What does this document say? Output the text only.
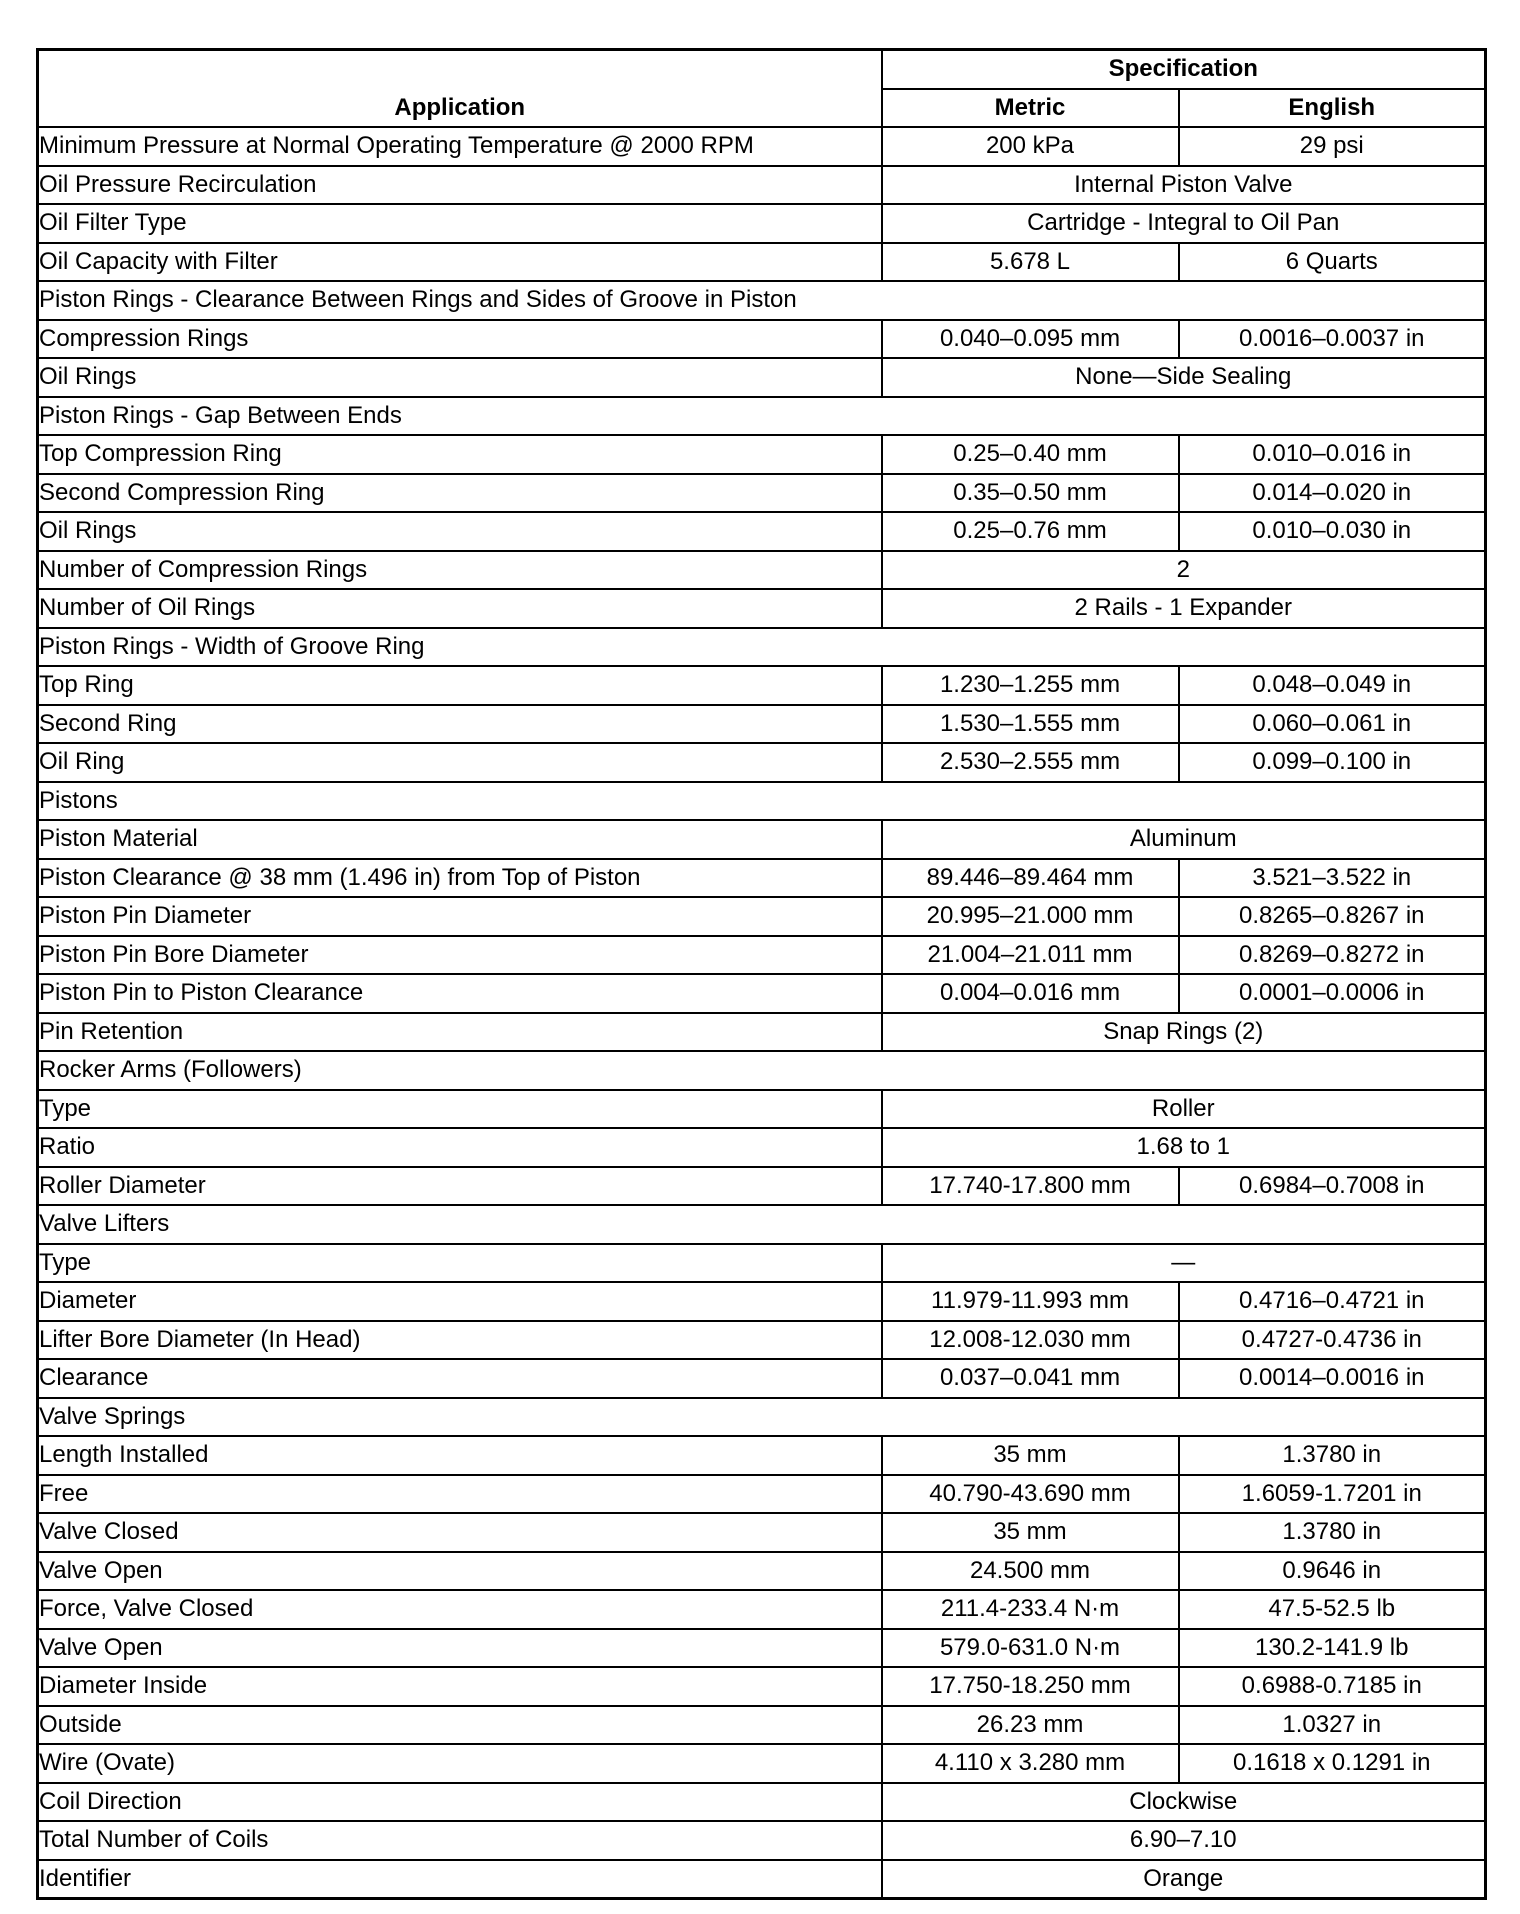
Application	Specification	
	Metric	English
Minimum Pressure at Normal Operating Temperature @ 2000 RPM	200 kPa	29 psi
Oil Pressure Recirculation	Internal Piston Valve	
Oil Filter Type	Cartridge - Integral to Oil Pan	
Oil Capacity with Filter	5.678 L	6 Quarts
Piston Rings - Clearance Between Rings and Sides of Groove in Piston		
Compression Rings	0.040–0.095 mm	0.0016–0.0037 in
Oil Rings	None—Side Sealing	
Piston Rings - Gap Between Ends		
Top Compression Ring	0.25–0.40 mm	0.010–0.016 in
Second Compression Ring	0.35–0.50 mm	0.014–0.020 in
Oil Rings	0.25–0.76 mm	0.010–0.030 in
Number of Compression Rings	2	
Number of Oil Rings	2 Rails - 1 Expander	
Piston Rings - Width of Groove Ring		
Top Ring	1.230–1.255 mm	0.048–0.049 in
Second Ring	1.530–1.555 mm	0.060–0.061 in
Oil Ring	2.530–2.555 mm	0.099–0.100 in
Pistons		
Piston Material	Aluminum	
Piston Clearance @ 38 mm (1.496 in) from Top of Piston	89.446–89.464 mm	3.521–3.522 in
Piston Pin Diameter	20.995–21.000 mm	0.8265–0.8267 in
Piston Pin Bore Diameter	21.004–21.011 mm	0.8269–0.8272 in
Piston Pin to Piston Clearance	0.004–0.016 mm	0.0001–0.0006 in
Pin Retention	Snap Rings (2)	
Rocker Arms (Followers)		
Type	Roller	
Ratio	1.68 to 1	
Roller Diameter	17.740-17.800 mm	0.6984–0.7008 in
Valve Lifters		
Type	—	
Diameter	11.979-11.993 mm	0.4716–0.4721 in
Lifter Bore Diameter (In Head)	12.008-12.030 mm	0.4727-0.4736 in
Clearance	0.037–0.041 mm	0.0014–0.0016 in
Valve Springs		
Length Installed	35 mm	1.3780 in
Free	40.790-43.690 mm	1.6059-1.7201 in
Valve Closed	35 mm	1.3780 in
Valve Open	24.500 mm	0.9646 in
Force, Valve Closed	211.4-233.4 N·m	47.5-52.5 lb
Valve Open	579.0-631.0 N·m	130.2-141.9 lb
Diameter Inside	17.750-18.250 mm	0.6988-0.7185 in
Outside	26.23 mm	1.0327 in
Wire (Ovate)	4.110 x 3.280 mm	0.1618 x 0.1291 in
Coil Direction	Clockwise	
Total Number of Coils	6.90–7.10	
Identifier	Orange	
